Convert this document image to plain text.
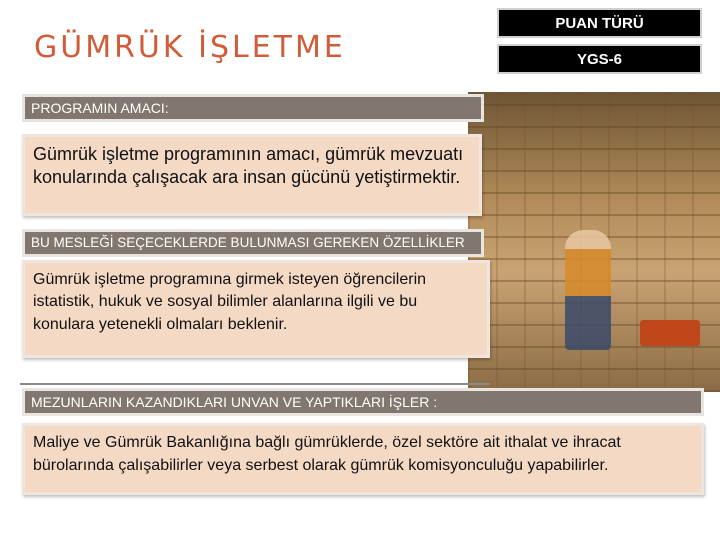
GÜMRÜK İŞLETME
PUAN TÜRÜ
YGS-6
PROGRAMIN AMACI:
Gümrük işletme programının amacı, gümrük mevzuatı konularında çalışacak ara insan gücünü yetiştirmektir.
BU MESLEĞİ SEÇECEKLERDE BULUNMASI GEREKEN ÖZELLİKLER
Gümrük işletme programına girmek isteyen öğrencilerin istatistik, hukuk ve sosyal bilimler alanlarına ilgili ve bu konulara yetenekli olmaları beklenir.
MEZUNLARIN KAZANDIKLARI UNVAN VE YAPTIKLARI İŞLER :
Maliye ve Gümrük Bakanlığına bağlı gümrüklerde, özel sektöre ait ithalat ve ihracat bürolarında çalışabilirler veya serbest olarak gümrük komisyonculuğu yapabilirler.
